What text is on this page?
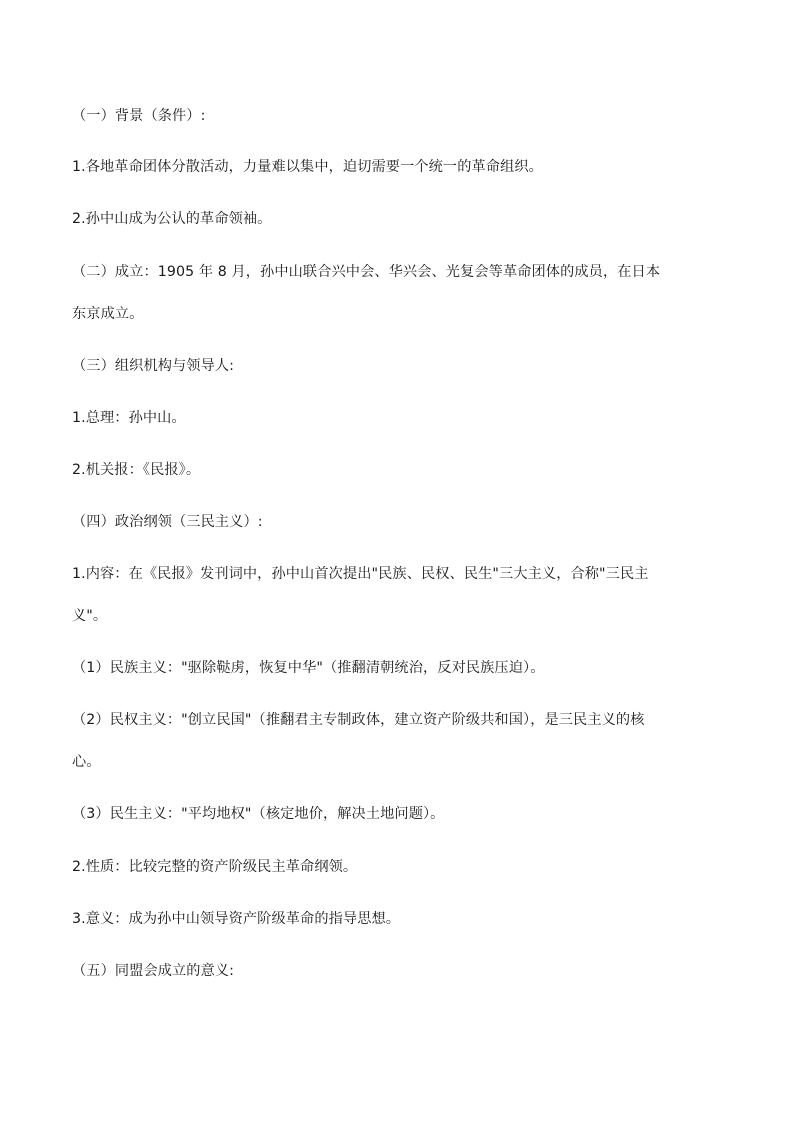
（一）背景（条件）:
1.各地革命团体分散活动，力量难以集中，迫切需要一个统一的革命组织。
2.孙中山成为公认的革命领袖。
（二）成立：1905 年 8 月，孙中山联合兴中会、华兴会、光复会等革命团体的成员，在日本
东京成立。
（三）组织机构与领导人:
1.总理：孙中山。
2.机关报：《民报》。
（四）政治纲领（三民主义）:
1.内容：在《民报》发刊词中，孙中山首次提出"民族、民权、民生"三大主义，合称"三民主
义"。
（1）民族主义："驱除鞑虏，恢复中华"（推翻清朝统治，反对民族压迫）。
（2）民权主义："创立民国"（推翻君主专制政体，建立资产阶级共和国），是三民主义的核
心。
（3）民生主义："平均地权"（核定地价，解决土地问题）。
2.性质：比较完整的资产阶级民主革命纲领。
3.意义：成为孙中山领导资产阶级革命的指导思想。
（五）同盟会成立的意义:
